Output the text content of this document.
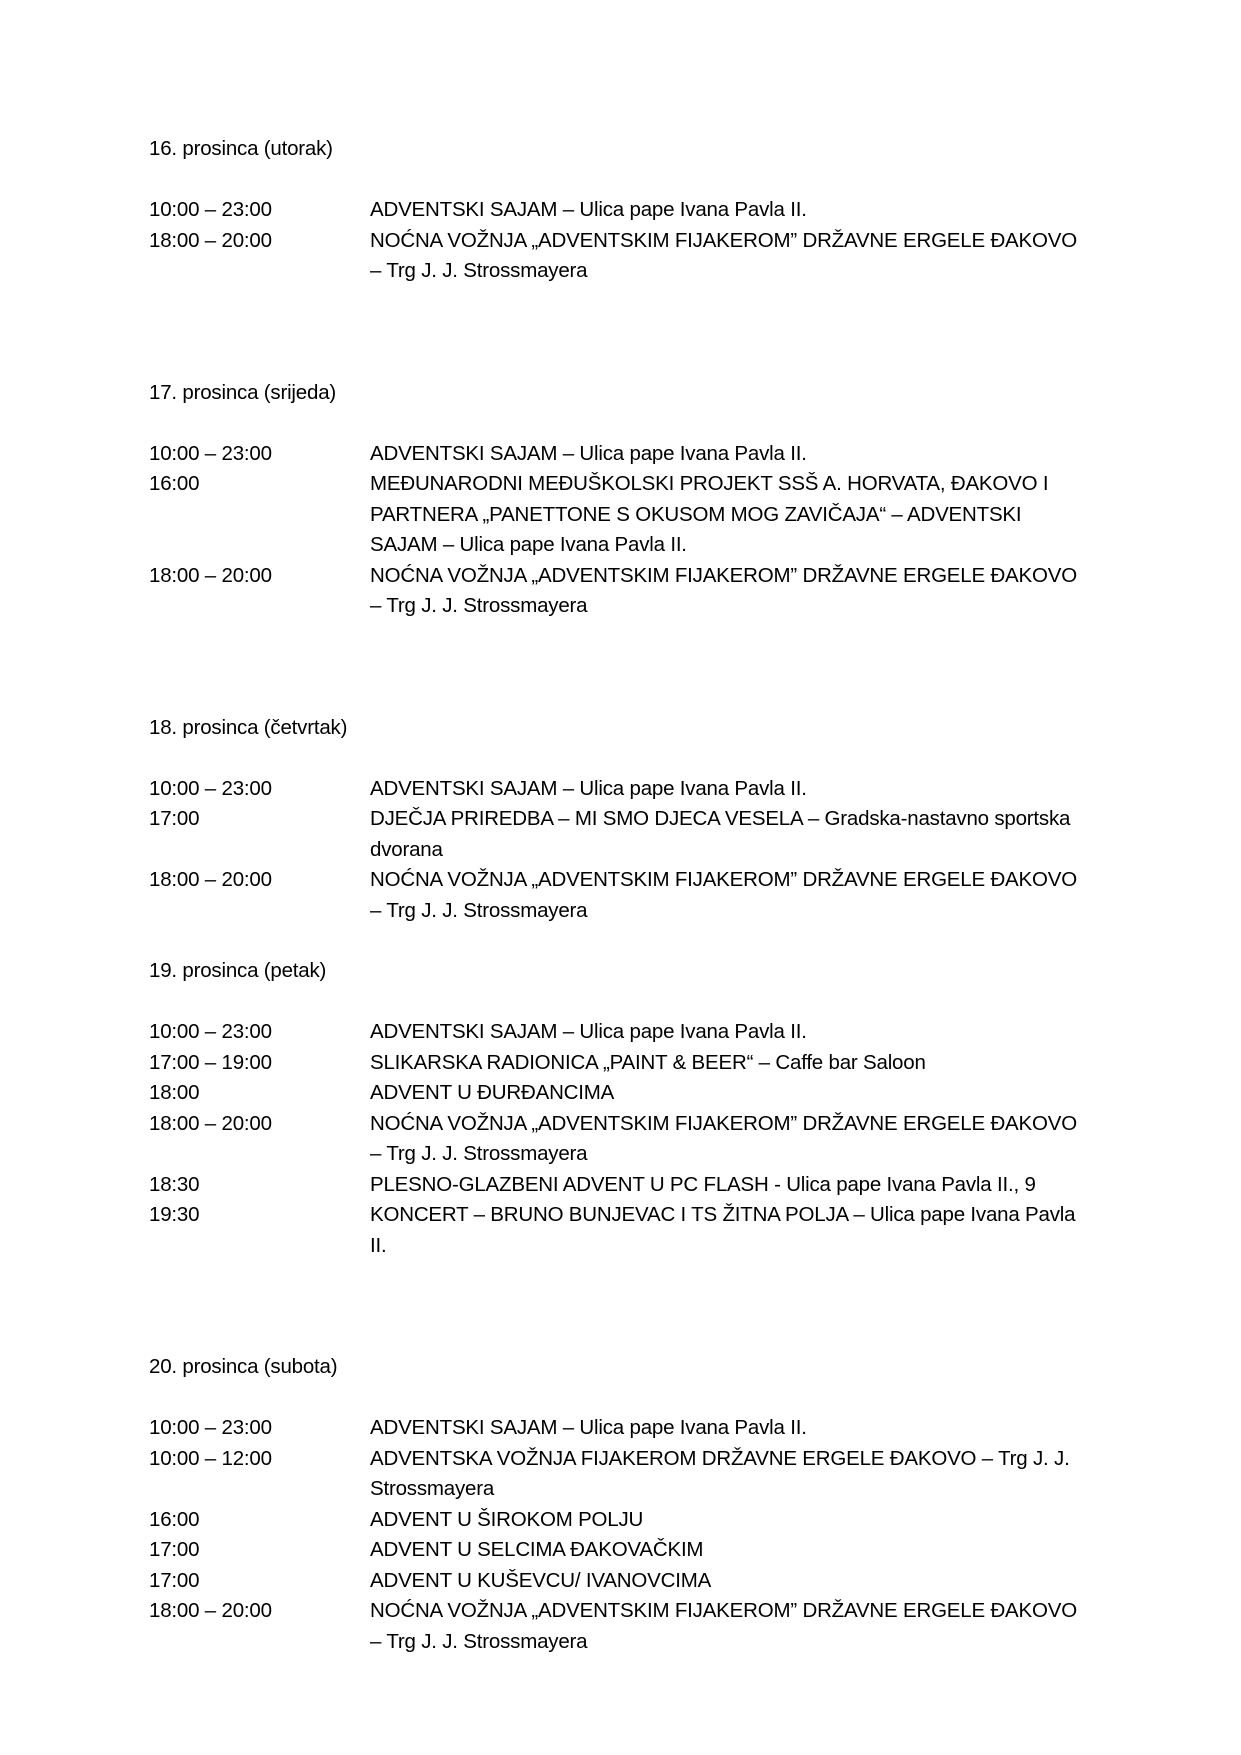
16. prosinca (utorak)
10:00 – 23:00	ADVENTSKI SAJAM – Ulica pape Ivana Pavla II.
18:00 – 20:00	NOĆNA VOŽNJA „ADVENTSKIM FIJAKEROM” DRŽAVNE ERGELE ĐAKOVO – Trg J. J. Strossmayera
17. prosinca (srijeda)
10:00 – 23:00	ADVENTSKI SAJAM – Ulica pape Ivana Pavla II.
16:00	MEĐUNARODNI MEĐUŠKOLSKI PROJEKT SSŠ A. HORVATA, ĐAKOVO I PARTNERA „PANETTONE S OKUSOM MOG ZAVIČAJA“ – ADVENTSKI SAJAM – Ulica pape Ivana Pavla II.
18:00 – 20:00	NOĆNA VOŽNJA „ADVENTSKIM FIJAKEROM” DRŽAVNE ERGELE ĐAKOVO – Trg J. J. Strossmayera
18. prosinca (četvrtak)
10:00 – 23:00	ADVENTSKI SAJAM – Ulica pape Ivana Pavla II.
17:00	DJEČJA PRIREDBA – MI SMO DJECA VESELA – Gradska-nastavno sportska dvorana
18:00 – 20:00	NOĆNA VOŽNJA „ADVENTSKIM FIJAKEROM” DRŽAVNE ERGELE ĐAKOVO – Trg J. J. Strossmayera
19. prosinca (petak)
10:00 – 23:00	ADVENTSKI SAJAM – Ulica pape Ivana Pavla II.
17:00 – 19:00	SLIKARSKA RADIONICA „PAINT & BEER“ – Caffe bar Saloon
18:00	ADVENT U ĐURĐANCIMA
18:00 – 20:00	NOĆNA VOŽNJA „ADVENTSKIM FIJAKEROM” DRŽAVNE ERGELE ĐAKOVO – Trg J. J. Strossmayera
18:30	PLESNO-GLAZBENI ADVENT U PC FLASH - Ulica pape Ivana Pavla II., 9
19:30	KONCERT – BRUNO BUNJEVAC I TS ŽITNA POLJA – Ulica pape Ivana Pavla II.
20. prosinca (subota)
10:00 – 23:00	ADVENTSKI SAJAM – Ulica pape Ivana Pavla II.
10:00 – 12:00	ADVENTSKA VOŽNJA FIJAKEROM DRŽAVNE ERGELE ĐAKOVO – Trg J. J. Strossmayera
16:00	ADVENT U ŠIROKOM POLJU
17:00	ADVENT U SELCIMA ĐAKOVAČKIM
17:00	ADVENT U KUŠEVCU/ IVANOVCIMA
18:00 – 20:00	NOĆNA VOŽNJA „ADVENTSKIM FIJAKEROM” DRŽAVNE ERGELE ĐAKOVO – Trg J. J. Strossmayera
